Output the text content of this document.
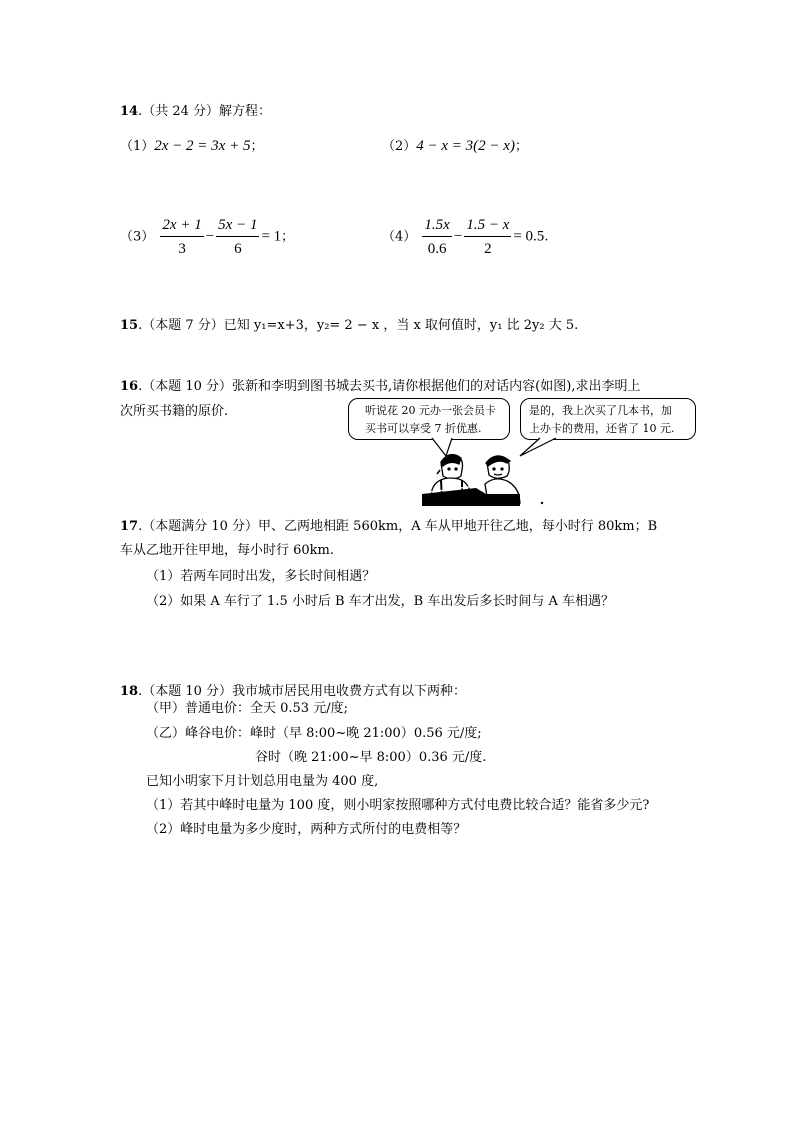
14.（共 24 分）解方程：
（1）2x − 2 = 3x + 5；	（2）4 − x = 3(2 − x)；
$(3) \frac{2x + 1}{3} - \frac{5x - 1}{6} = 1$；	$(4) \frac{1.5x}{0.6} - \frac{1.5 - x}{2} = 0.5$.
15.（本题 7 分）已知 y₁=x+3，y₂= 2 − x ，当 x 取何值时，y₁ 比 2y₂ 大 5.
16.（本题 10 分）张新和李明到图书城去买书,请你根据他们的对话内容(如图),求出李明上
次所买书籍的原价.	听说花 20 元办一张会员卡
买书可以享受 7 折优惠.
是的，我上次买了几本书，加
上办卡的费用，还省了 10 元.
17.（本题满分 10 分）甲、乙两地相距 560km，A 车从甲地开往乙地，每小时行 80km；B
车从乙地开往甲地，每小时行 60km.
（1）若两车同时出发，多长时间相遇？
（2）如果 A 车行了 1.5 小时后 B 车才出发，B 车出发后多长时间与 A 车相遇？
18.（本题 10 分）我市城市居民用电收费方式有以下两种：
（甲）普通电价：全天 0.53 元/度;
（乙）峰谷电价：峰时（早 8:00~晚 21:00）0.56 元/度;
谷时（晚 21:00~早 8:00）0.36 元/度.
已知小明家下月计划总用电量为 400 度,
（1）若其中峰时电量为 100 度，则小明家按照哪种方式付电费比较合适？能省多少元?
（2）峰时电量为多少度时，两种方式所付的电费相等？
